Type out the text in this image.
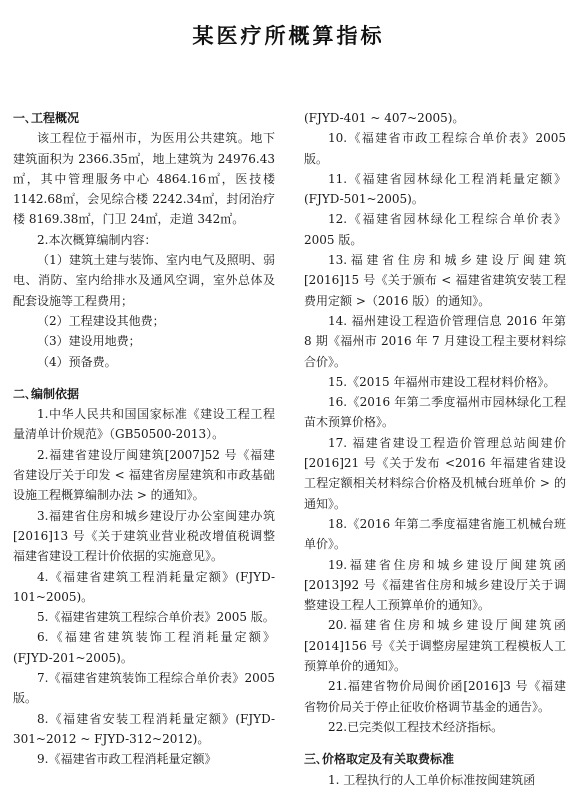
某医疗所概算指标

一､工程概况

该工程位于福州市，为医用公共建筑。地下建筑面积为 2366.35㎡，地上建筑为 24976.43㎡，其中管理服务中心 4864.16㎡，医技楼 1142.68㎡，会见综合楼 2242.34㎡，封闭治疗楼 8169.38㎡，门卫 24㎡，走道 342㎡。

2.本次概算编制内容：

（1）建筑土建与装饰、室内电气及照明、弱电、消防、室内给排水及通风空调，室外总体及配套设施等工程费用；

（2）工程建设其他费；

（3）建设用地费；

（4）预备费。

二､编制依据

1.中华人民共和国国家标准《建设工程工程量清单计价规范》（GB50500-2013）。

2.福建省建设厅闽建筑[2007]52 号《福建省建设厅关于印发 < 福建省房屋建筑和市政基础设施工程概算编制办法 > 的通知》。

3.福建省住房和城乡建设厅办公室闽建办筑[2016]13 号《关于建筑业营业税改增值税调整福建省建设工程计价依据的实施意见》。

4.《福建省建筑工程消耗量定额》(FJYD-101~2005)。

5.《福建省建筑工程综合单价表》2005 版。

6.《福建省建筑装饰工程消耗量定额》(FJYD-201~2005)。

7.《福建省建筑装饰工程综合单价表》2005 版。

8.《福建省安装工程消耗量定额》(FJYD-301~2012 ~ FJYD-312~2012)。

9.《福建省市政工程消耗量定额》

(FJYD-401 ~ 407~2005)。

10.《福建省市政工程综合单价表》2005 版。

11.《福建省园林绿化工程消耗量定额》(FJYD-501~2005)。

12.《福建省园林绿化工程综合单价表》2005 版。

13.福建省住房和城乡建设厅闽建筑[2016]15 号《关于颁布 < 福建省建筑安装工程费用定额 >（2016 版）的通知》。

14. 福州建设工程造价管理信息 2016 年第 8 期《福州市 2016 年 7 月建设工程主要材料综合价》。

15.《2015 年福州市建设工程材料价格》。

16.《2016 年第二季度福州市园林绿化工程苗木预算价格》。

17. 福建省建设工程造价管理总站闽建价[2016]21 号《关于发布 <2016 年福建省建设工程定额相关材料综合价格及机械台班单价 > 的通知》。

18.《2016 年第二季度福建省施工机械台班单价》。

19.福建省住房和城乡建设厅闽建筑函[2013]92 号《福建省住房和城乡建设厅关于调整建设工程人工预算单价的通知》。

20.福建省住房和城乡建设厅闽建筑函[2014]156 号《关于调整房屋建筑工程模板人工预算单价的通知》。

21.福建省物价局闽价函[2016]3 号《福建省物价局关于停止征收价格调节基金的通告》。

22.已完类似工程技术经济指标。

三､价格取定及有关取费标准

1. 工程执行的人工单价标准按闽建筑函
